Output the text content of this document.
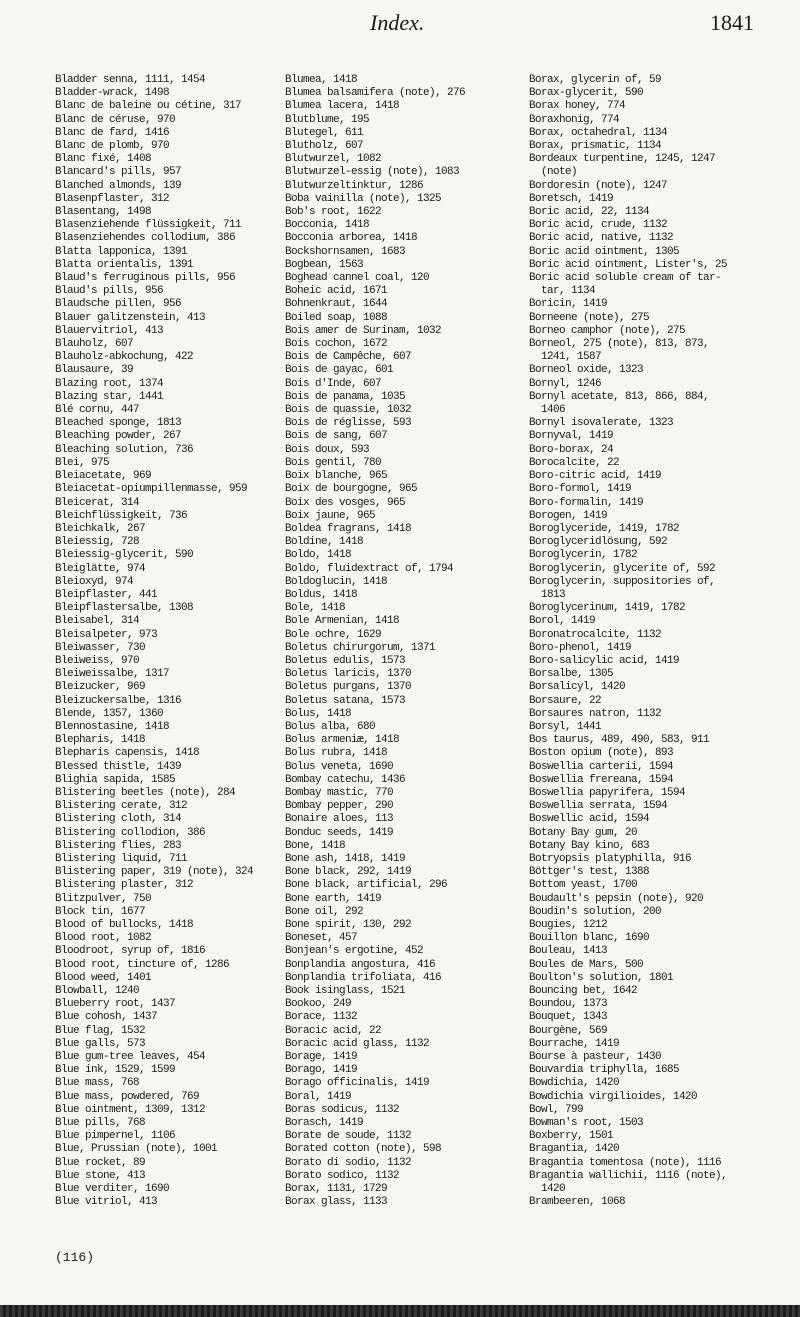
Index.	1841
Bladder senna, 1111, 1454
Bladder-wrack, 1498
Blanc de baleine ou cétine, 317
Blanc de céruse, 970
Blanc de fard, 1416
Blanc de plomb, 970
Blanc fixé, 1408
Blancard's pills, 957
Blanched almonds, 139
Blasenpflaster, 312
Blasentang, 1498
Blasenziehende flüssigkeit, 711
Blasenziehendes collodium, 386
Blatta lapponica, 1391
Blatta orientalis, 1391
Blaud's ferruginous pills, 956
Blaud's pills, 956
Blaudsche pillen, 956
Blauer galitzenstein, 413
Blauervitriol, 413
Blauholz, 607
Blauholz-abkochung, 422
Blausaure, 39
Blazing root, 1374
Blazing star, 1441
Blé cornu, 447
Bleached sponge, 1813
Bleaching powder, 267
Bleaching solution, 736
Blei, 975
Bleiacetate, 969
Bleiacetat-opiumpillenmasse, 959
Bleicerat, 314
Bleichflüssigkeit, 736
Bleichkalk, 267
Bleiessig, 728
Bleiessig-glycerit, 590
Bleiglätte, 974
Bleioxyd, 974
Bleipflaster, 441
Bleipflastersalbe, 1308
Bleisabel, 314
Bleisalpeter, 973
Bleiwasser, 730
Bleiweiss, 970
Bleiweissalbe, 1317
Bleizucker, 969
Bleizuckersalbe, 1316
Blende, 1357, 1360
Blennostasine, 1418
Blepharis, 1418
Blepharis capensis, 1418
Blessed thistle, 1439
Blighia sapida, 1585
Blistering beetles (note), 284
Blistering cerate, 312
Blistering cloth, 314
Blistering collodion, 386
Blistering flies, 283
Blistering liquid, 711
Blistering paper, 319 (note), 324
Blistering plaster, 312
Blitzpulver, 750
Block tin, 1677
Blood of bullocks, 1418
Blood root, 1082
Bloodroot, syrup of, 1816
Blood root, tincture of, 1286
Blood weed, 1401
Blowball, 1240
Blueberry root, 1437
Blue cohosh, 1437
Blue flag, 1532
Blue galls, 573
Blue gum-tree leaves, 454
Blue ink, 1529, 1599
Blue mass, 768
Blue mass, powdered, 769
Blue ointment, 1309, 1312
Blue pills, 768
Blue pimpernel, 1106
Blue, Prussian (note), 1001
Blue rocket, 89
Blue stone, 413
Blue verditer, 1690
Blue vitriol, 413
Blumea, 1418
Blumea balsamifera (note), 276
Blumea lacera, 1418
Blutblume, 195
Blutegel, 611
Blutholz, 607
Blutwurzel, 1082
Blutwurzel-essig (note), 1083
Blutwurzeltinktur, 1286
Boba vainilla (note), 1325
Bob's root, 1622
Bocconia, 1418
Bocconia arborea, 1418
Bockshornsamen, 1683
Bogbean, 1563
Boghead cannel coal, 120
Boheic acid, 1671
Bohnenkraut, 1644
Boiled soap, 1088
Bois amer de Surinam, 1032
Bois cochon, 1672
Bois de Campêche, 607
Bois de gayac, 601
Bois d'Inde, 607
Bois de panama, 1035
Bois de quassie, 1032
Bois de réglisse, 593
Bois de sang, 607
Bois doux, 593
Bois gentil, 780
Boix blanche, 965
Boix de bourgogne, 965
Boix des vosges, 965
Boix jaune, 965
Boldea fragrans, 1418
Boldine, 1418
Boldo, 1418
Boldo, fluidextract of, 1794
Boldoglucin, 1418
Boldus, 1418
Bole, 1418
Bole Armenian, 1418
Bole ochre, 1629
Boletus chirurgorum, 1371
Boletus edulis, 1573
Boletus laricis, 1370
Boletus purgans, 1370
Boletus satana, 1573
Bolus, 1418
Bolus alba, 680
Bolus armeniæ, 1418
Bolus rubra, 1418
Bolus veneta, 1690
Bombay catechu, 1436
Bombay mastic, 770
Bombay pepper, 290
Bonaire aloes, 113
Bonduc seeds, 1419
Bone, 1418
Bone ash, 1418, 1419
Bone black, 292, 1419
Bone black, artificial, 296
Bone earth, 1419
Bone oil, 292
Bone spirit, 130, 292
Boneset, 457
Bonjean's ergotine, 452
Bonplandia angostura, 416
Bonplandia trifoliata, 416
Book isinglass, 1521
Bookoo, 249
Borace, 1132
Boracic acid, 22
Boracic acid glass, 1132
Borage, 1419
Borago, 1419
Borago officinalis, 1419
Boral, 1419
Boras sodicus, 1132
Borasch, 1419
Borate de soude, 1132
Borated cotton (note), 598
Borato di sodio, 1132
Borato sodico, 1132
Borax, 1131, 1729
Borax glass, 1133
Borax, glycerin of, 59
Borax-glycerit, 590
Borax honey, 774
Boraxhonig, 774
Borax, octahedral, 1134
Borax, prismatic, 1134
Bordeaux turpentine, 1245, 1247
(note)
Bordoresin (note), 1247
Boretsch, 1419
Boric acid, 22, 1134
Boric acid, crude, 1132
Boric acid, native, 1132
Boric acid ointment, 1305
Boric acid ointment, Lister's, 25
Boric acid soluble cream of tar-
tar, 1134
Boricin, 1419
Borneene (note), 275
Borneo camphor (note), 275
Borneol, 275 (note), 813, 873,
1241, 1587
Borneol oxide, 1323
Bornyl, 1246
Bornyl acetate, 813, 866, 884,
1406
Bornyl isovalerate, 1323
Bornyval, 1419
Boro-borax, 24
Borocalcite, 22
Boro-citric acid, 1419
Boro-formol, 1419
Boro-formalin, 1419
Borogen, 1419
Boroglyceride, 1419, 1782
Boroglyceridlösung, 592
Boroglycerin, 1782
Boroglycerin, glycerite of, 592
Boroglycerin, suppositories of,
1813
Boroglycerinum, 1419, 1782
Borol, 1419
Boronatrocalcite, 1132
Boro-phenol, 1419
Boro-salicylic acid, 1419
Borsalbe, 1305
Borsalicyl, 1420
Borsaure, 22
Borsaures natron, 1132
Borsyl, 1441
Bos taurus, 489, 490, 583, 911
Boston opium (note), 893
Boswellia carterii, 1594
Boswellia frereana, 1594
Boswellia papyrifera, 1594
Boswellia serrata, 1594
Boswellic acid, 1594
Botany Bay gum, 20
Botany Bay kino, 683
Botryopsis platyphilla, 916
Böttger's test, 1388
Bottom yeast, 1700
Boudault's pepsin (note), 920
Boudin's solution, 200
Bougies, 1212
Bouillon blanc, 1690
Bouleau, 1413
Boules de Mars, 500
Boulton's solution, 1801
Bouncing bet, 1642
Boundou, 1373
Bouquet, 1343
Bourgène, 569
Bourrache, 1419
Bourse à pasteur, 1430
Bouvardia triphylla, 1685
Bowdichia, 1420
Bowdichia virgilioides, 1420
Bowl, 799
Bowman's root, 1503
Boxberry, 1501
Bragantia, 1420
Bragantia tomentosa (note), 1116
Bragantia wallichii, 1116 (note),
1420
Brambeeren, 1068
(116)
